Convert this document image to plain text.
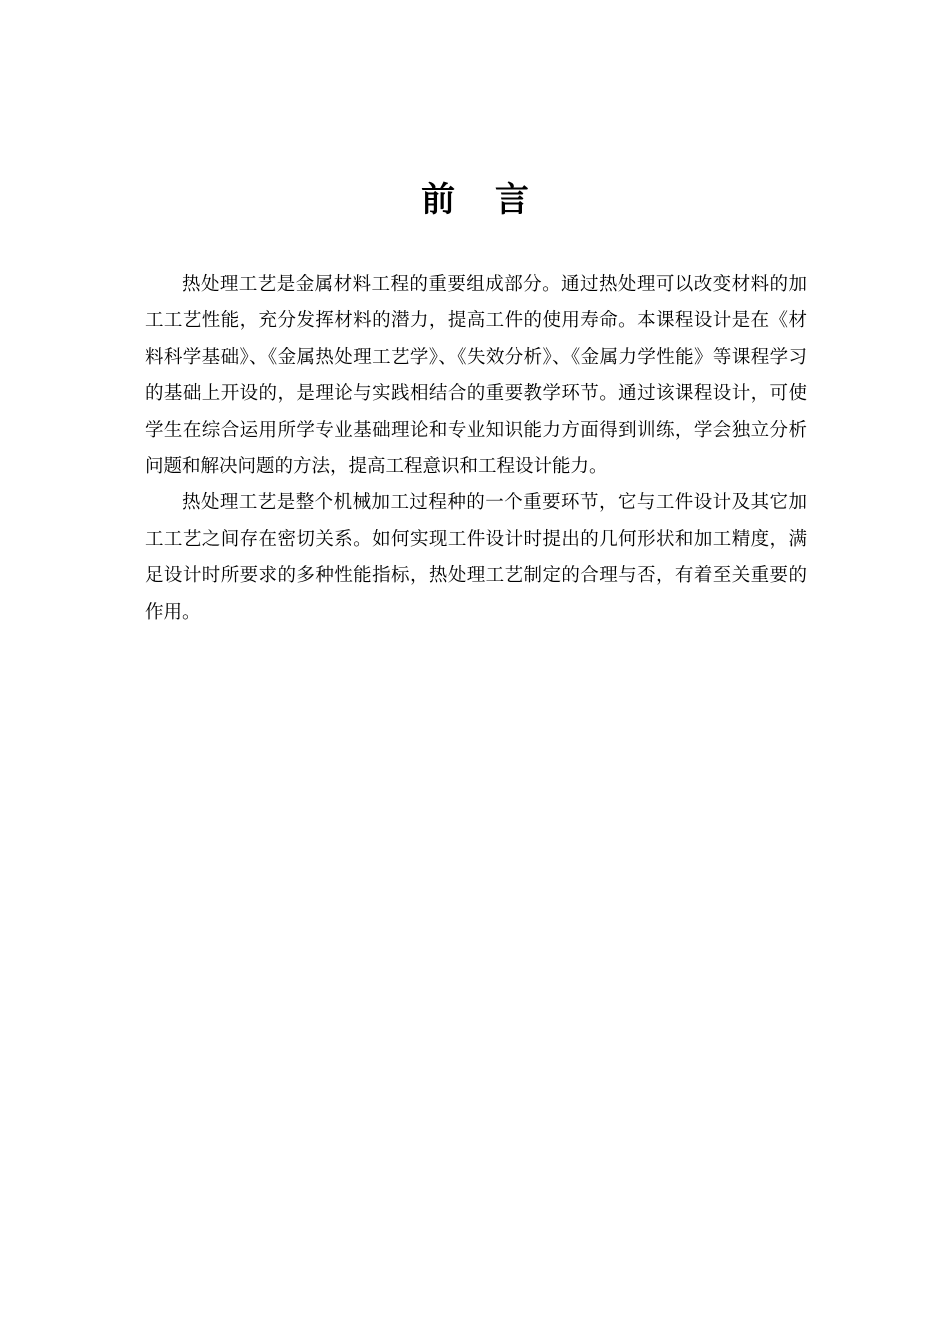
前 言

热处理工艺是金属材料工程的重要组成部分。通过热处理可以改变材料的加工工艺性能，充分发挥材料的潜力，提高工件的使用寿命。本课程设计是在《材料科学基础》、《金属热处理工艺学》、《失效分析》、《金属力学性能》等课程学习的基础上开设的，是理论与实践相结合的重要教学环节。通过该课程设计，可使学生在综合运用所学专业基础理论和专业知识能力方面得到训练，学会独立分析问题和解决问题的方法，提高工程意识和工程设计能力。

热处理工艺是整个机械加工过程种的一个重要环节，它与工件设计及其它加工工艺之间存在密切关系。如何实现工件设计时提出的几何形状和加工精度，满足设计时所要求的多种性能指标，热处理工艺制定的合理与否，有着至关重要的作用。
